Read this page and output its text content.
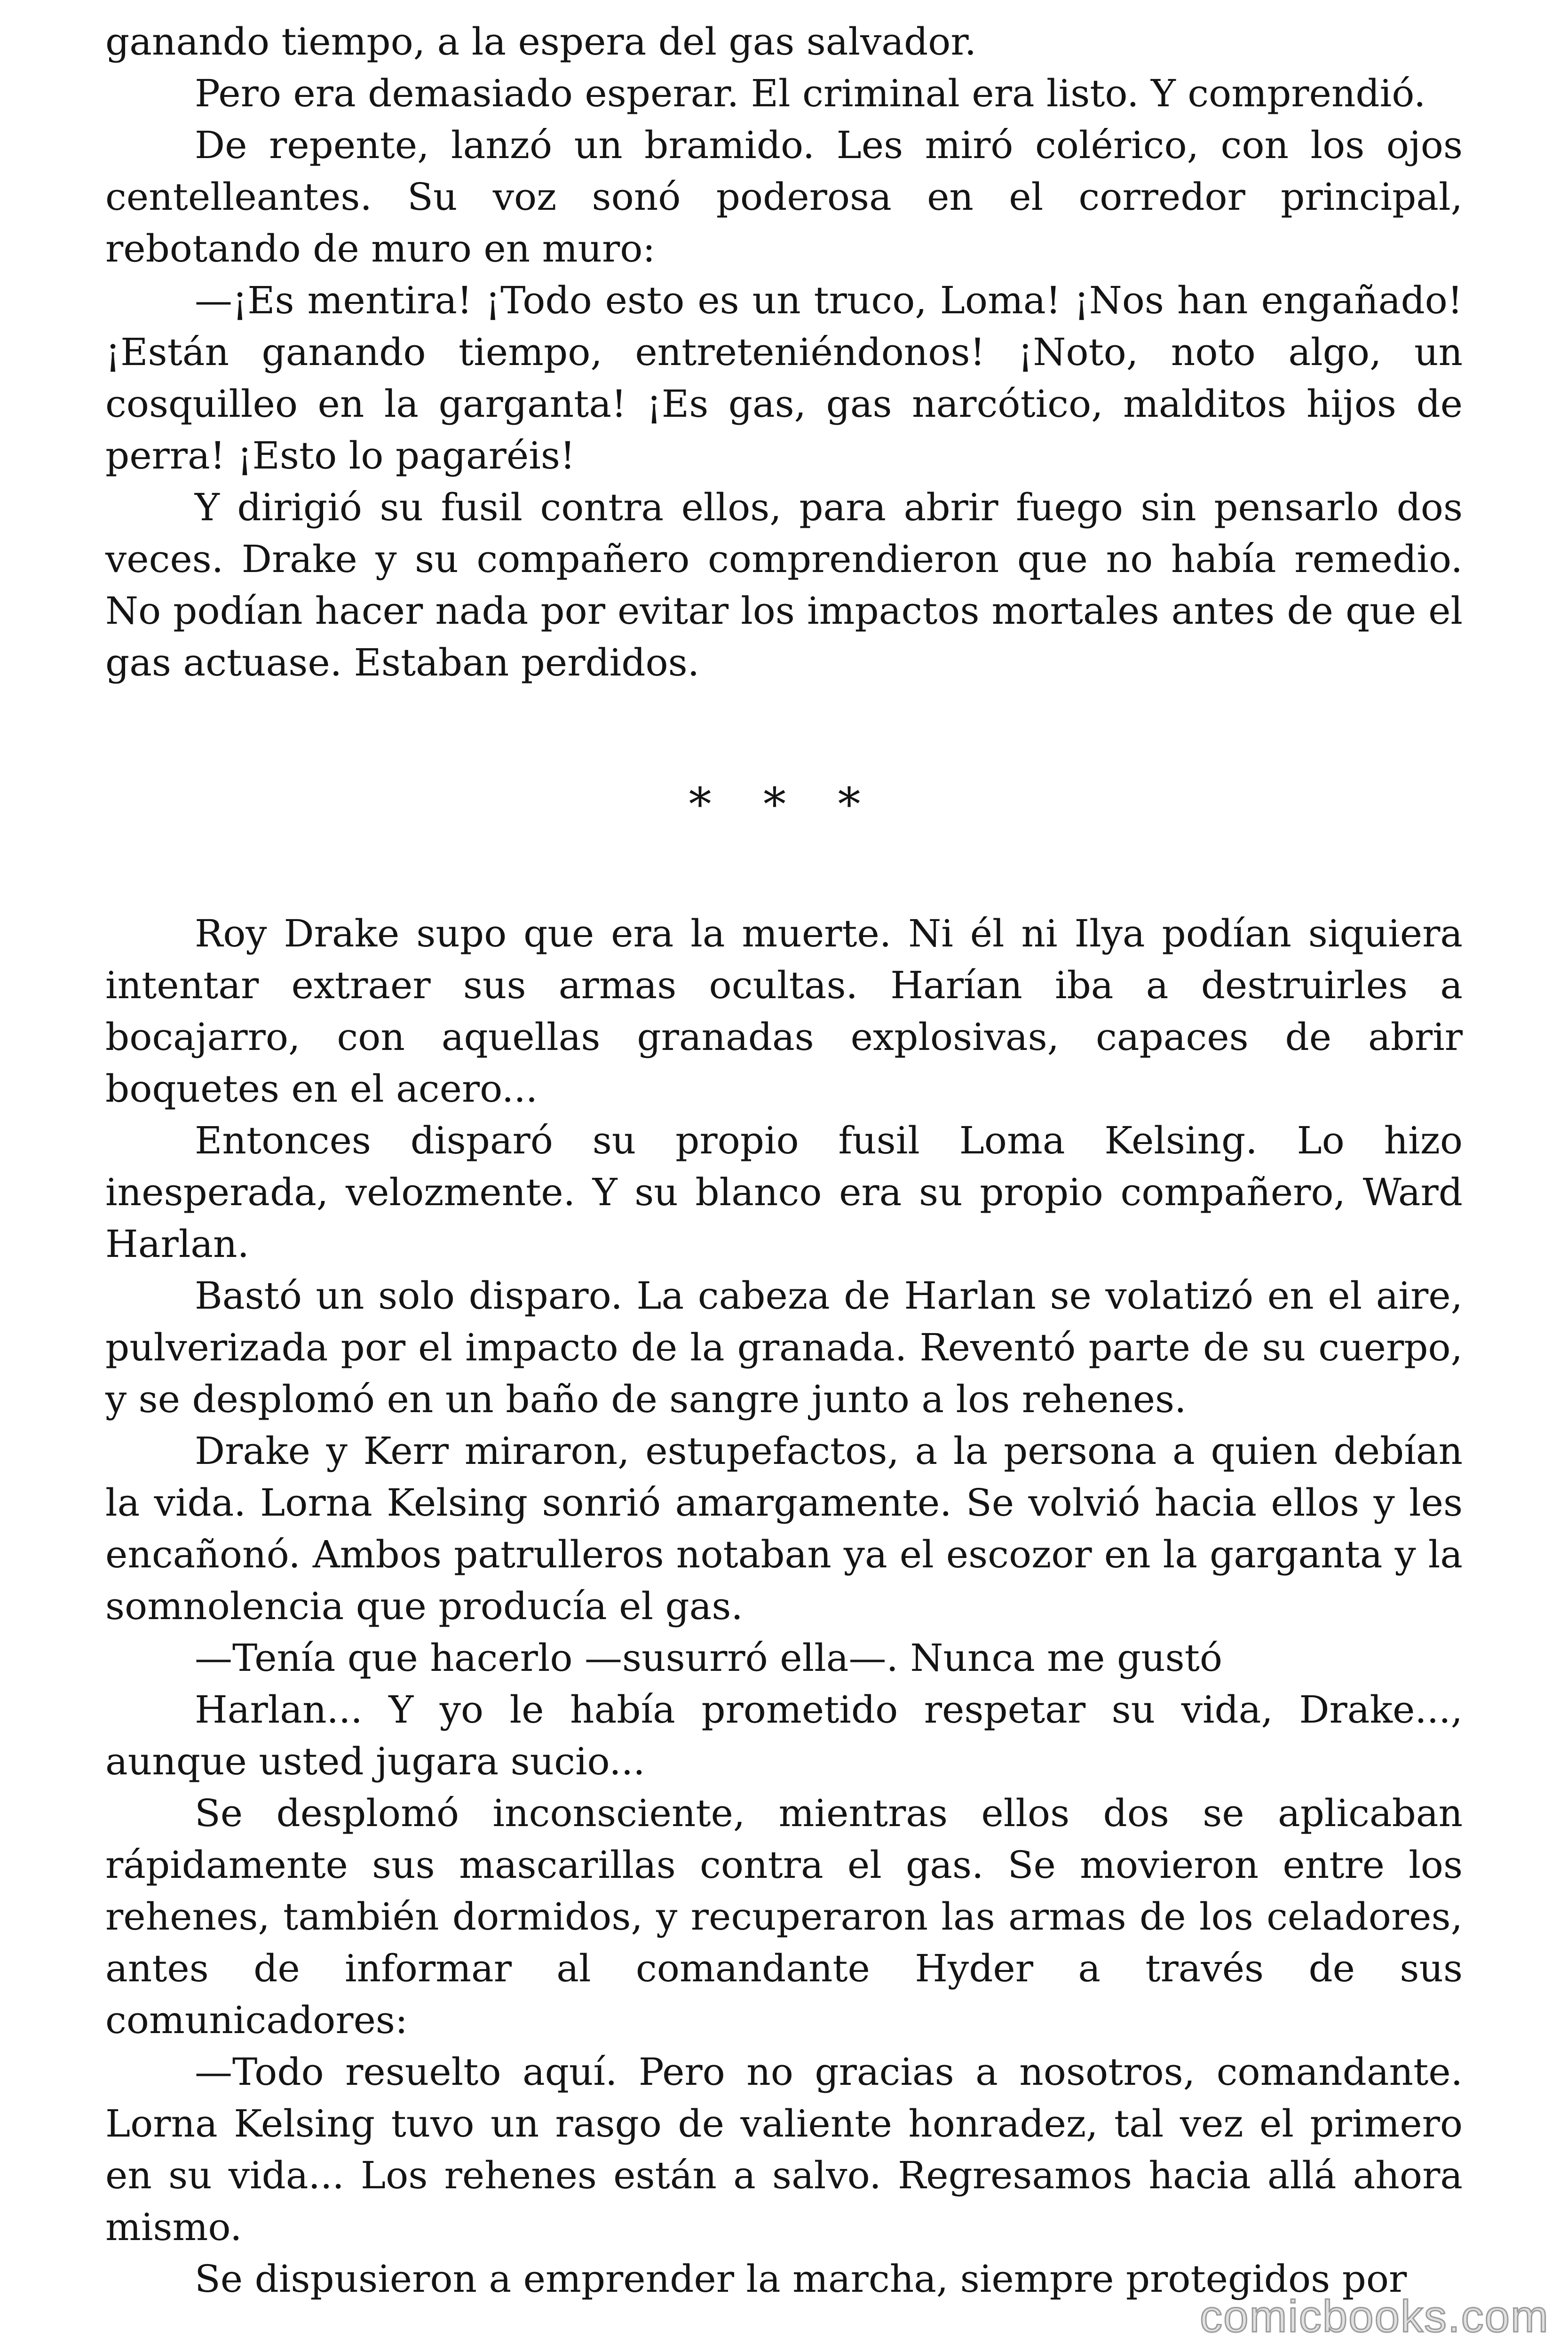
ganando tiempo, a la espera del gas salvador.

Pero era demasiado esperar. El criminal era listo. Y comprendió.

De repente, lanzó un bramido. Les miró colérico, con los ojos centelleantes. Su voz sonó poderosa en el corredor principal, rebotando de muro en muro:

—¡Es mentira! ¡Todo esto es un truco, Loma! ¡Nos han engañado! ¡Están ganando tiempo, entreteniéndonos! ¡Noto, noto algo, un cosquilleo en la garganta! ¡Es gas, gas narcótico, malditos hijos de perra! ¡Esto lo pagaréis!

Y dirigió su fusil contra ellos, para abrir fuego sin pensarlo dos veces. Drake y su compañero comprendieron que no había remedio. No podían hacer nada por evitar los impactos mortales antes de que el gas actuase. Estaban perdidos.

* * *

Roy Drake supo que era la muerte. Ni él ni Ilya podían siquiera intentar extraer sus armas ocultas. Harían iba a destruirles a bocajarro, con aquellas granadas explosivas, capaces de abrir boquetes en el acero...

Entonces disparó su propio fusil Loma Kelsing. Lo hizo inesperada, velozmente. Y su blanco era su propio compañero, Ward Harlan.

Bastó un solo disparo. La cabeza de Harlan se volatizó en el aire, pulverizada por el impacto de la granada. Reventó parte de su cuerpo, y se desplomó en un baño de sangre junto a los rehenes.

Drake y Kerr miraron, estupefactos, a la persona a quien debían la vida. Lorna Kelsing sonrió amargamente. Se volvió hacia ellos y les encañonó. Ambos patrulleros notaban ya el escozor en la garganta y la somnolencia que producía el gas.

—Tenía que hacerlo —susurró ella—. Nunca me gustó

Harlan... Y yo le había prometido respetar su vida, Drake..., aunque usted jugara sucio...

Se desplomó inconsciente, mientras ellos dos se aplicaban rápidamente sus mascarillas contra el gas. Se movieron entre los rehenes, también dormidos, y recuperaron las armas de los celadores, antes de informar al comandante Hyder a través de sus comunicadores:

—Todo resuelto aquí. Pero no gracias a nosotros, comandante. Lorna Kelsing tuvo un rasgo de valiente honradez, tal vez el primero en su vida... Los rehenes están a salvo. Regresamos hacia allá ahora mismo.

Se dispusieron a emprender la marcha, siempre protegidos por

comicbooks.com
